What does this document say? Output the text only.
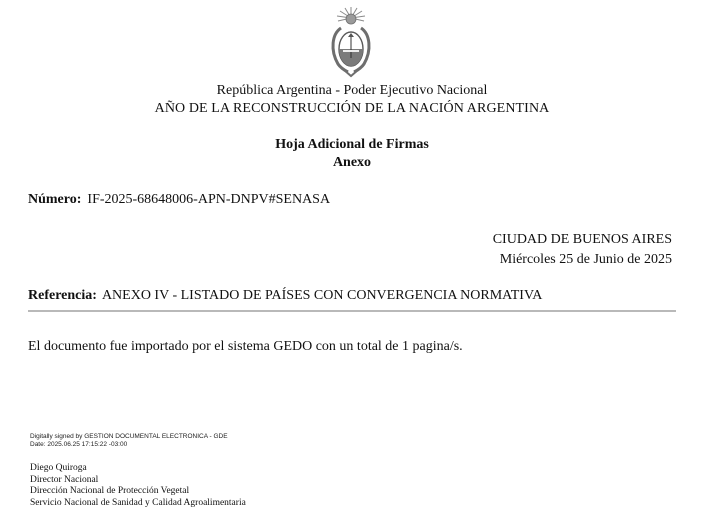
República Argentina - Poder Ejecutivo Nacional
AÑO DE LA RECONSTRUCCIÓN DE LA NACIÓN ARGENTINA
Hoja Adicional de Firmas
Anexo
Número: IF-2025-68648006-APN-DNPV#SENASA
CIUDAD DE BUENOS AIRES
Miércoles 25 de Junio de 2025
Referencia: ANEXO IV - LISTADO DE PAÍSES CON CONVERGENCIA NORMATIVA
El documento fue importado por el sistema GEDO con un total de 1 pagina/s.
Digitally signed by GESTION DOCUMENTAL ELECTRONICA - GDE
Date: 2025.06.25 17:15:22 -03:00
Diego Quiroga
Director Nacional
Dirección Nacional de Protección Vegetal
Servicio Nacional de Sanidad y Calidad Agroalimentaria
